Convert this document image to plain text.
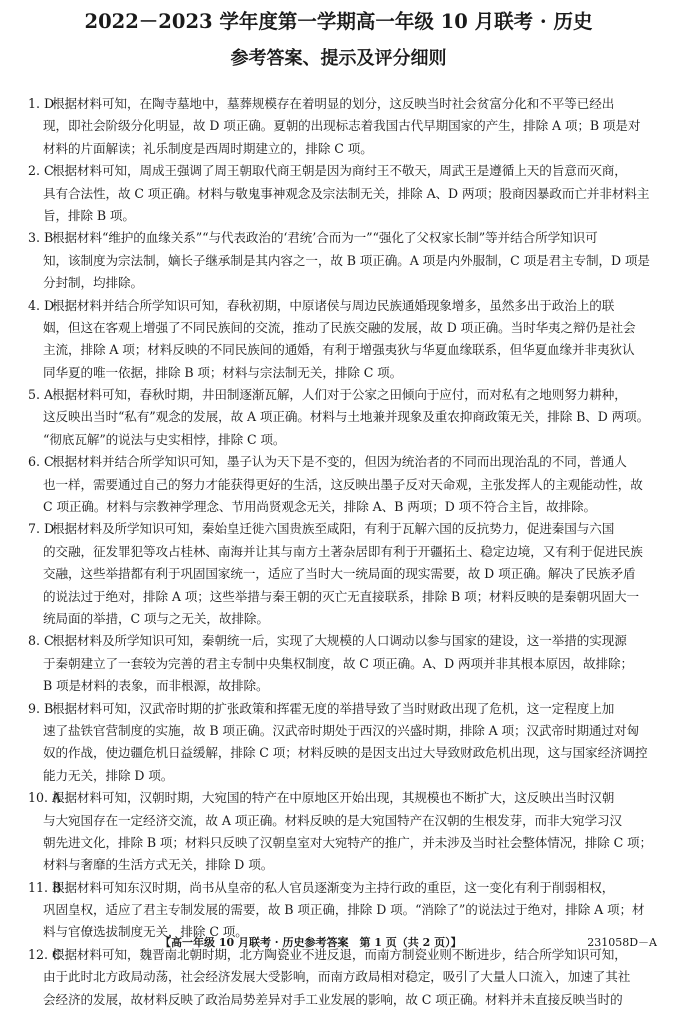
2022－2023 学年度第一学期高一年级 10 月联考 · 历史
参考答案、提示及评分细则
1. D
根据材料可知，在陶寺墓地中，墓葬规模存在着明显的划分，这反映当时社会贫富分化和不平等已经出
现，即社会阶级分化明显，故 D 项正确。夏朝的出现标志着我国古代早期国家的产生，排除 A 项；B 项是对
材料的片面解读；礼乐制度是西周时期建立的，排除 C 项。
2. C
根据材料可知，周成王强调了周王朝取代商王朝是因为商纣王不敬天，周武王是遵循上天的旨意而灭商，
具有合法性，故 C 项正确。材料与敬鬼事神观念及宗法制无关，排除 A、D 两项；股商因暴政而亡并非材料主
旨，排除 B 项。
3. B
根据材料“维护的血缘关系”“与代表政治的‘君统’合而为一”“强化了父权家长制”等并结合所学知识可
知，该制度为宗法制，嫡长子继承制是其内容之一，故 B 项正确。A 项是内外服制，C 项是君主专制，D 项是
分封制，均排除。
4. D
根据材料并结合所学知识可知，春秋初期，中原诸侯与周边民族通婚现象增多，虽然多出于政治上的联
姻，但这在客观上增强了不同民族间的交流，推动了民族交融的发展，故 D 项正确。当时华夷之辩仍是社会
主流，排除 A 项；材料反映的不同民族间的通婚，有利于增强夷狄与华夏血缘联系，但华夏血缘并非夷狄认
同华夏的唯一依据，排除 B 项；材料与宗法制无关，排除 C 项。
5. A
根据材料可知，春秋时期，井田制逐渐瓦解，人们对于公家之田倾向于应付，而对私有之地则努力耕种，
这反映出当时“私有”观念的发展，故 A 项正确。材料与土地兼并现象及重农抑商政策无关，排除 B、D 两项。
“彻底瓦解”的说法与史实相悖，排除 C 项。
6. C
根据材料并结合所学知识可知，墨子认为天下是不变的，但因为统治者的不同而出现治乱的不同，普通人
也一样，需要通过自己的努力才能获得更好的生活，这反映出墨子反对天命观，主张发挥人的主观能动性，故
C 项正确。材料与宗教神学理念、节用尚贤观念无关，排除 A、B 两项；D 项不符合主旨，故排除。
7. D
根据材料及所学知识可知，秦始皇迁徙六国贵族至咸阳，有利于瓦解六国的反抗势力，促进秦国与六国
的交融，征发罪犯等攻占桂林、南海并让其与南方土著杂居即有利于开疆拓土、稳定边境，又有利于促进民族
交融，这些举措都有利于巩固国家统一，适应了当时大一统局面的现实需要，故 D 项正确。解决了民族矛盾
的说法过于绝对，排除 A 项；这些举措与秦王朝的灭亡无直接联系，排除 B 项；材料反映的是秦朝巩固大一
统局面的举措，C 项与之无关，故排除。
8. C
根据材料及所学知识可知，秦朝统一后，实现了大规模的人口调动以参与国家的建设，这一举措的实现源
于秦朝建立了一套较为完善的君主专制中央集权制度，故 C 项正确。A、D 两项并非其根本原因，故排除；
B 项是材料的表象，而非根源，故排除。
9. B
根据材料可知，汉武帝时期的扩张政策和挥霍无度的举措导致了当时财政出现了危机，这一定程度上加
速了盐铁官营制度的实施，故 B 项正确。汉武帝时期处于西汉的兴盛时期，排除 A 项；汉武帝时期通过对匈
奴的作战，使边疆危机日益缓解，排除 C 项；材料反映的是因支出过大导致财政危机出现，这与国家经济调控
能力无关，排除 D 项。
10. A
根据材料可知，汉朝时期，大宛国的特产在中原地区开始出现，其规模也不断扩大，这反映出当时汉朝
与大宛国存在一定经济交流，故 A 项正确。材料反映的是大宛国特产在汉朝的生根发芽，而非大宛学习汉
朝先进文化，排除 B 项；材料只反映了汉朝皇室对大宛特产的推广，并未涉及当时社会整体情况，排除 C 项；
材料与奢靡的生活方式无关，排除 D 项。
11. B
根据材料可知东汉时期，尚书从皇帝的私人官员逐渐变为主持行政的重臣，这一变化有利于削弱相权，
巩固皇权，适应了君主专制发展的需要，故 B 项正确，排除 D 项。“消除了”的说法过于绝对，排除 A 项；材
料与官僚选拔制度无关，排除 C 项。
12. C
根据材料可知，魏晋南北朝时期，北方陶瓷业不进反退，而南方制瓷业则不断进步，结合所学知识可知，
由于此时北方政局动荡，社会经济发展大受影响，而南方政局相对稳定，吸引了大量人口流入，加速了其社
会经济的发展，故材料反映了政治局势差异对手工业发展的影响，故 C 项正确。材料并未直接反映当时的
【高一年级 10 月联考 · 历史参考答案　第 1 页（共 2 页）】	231058D－A
